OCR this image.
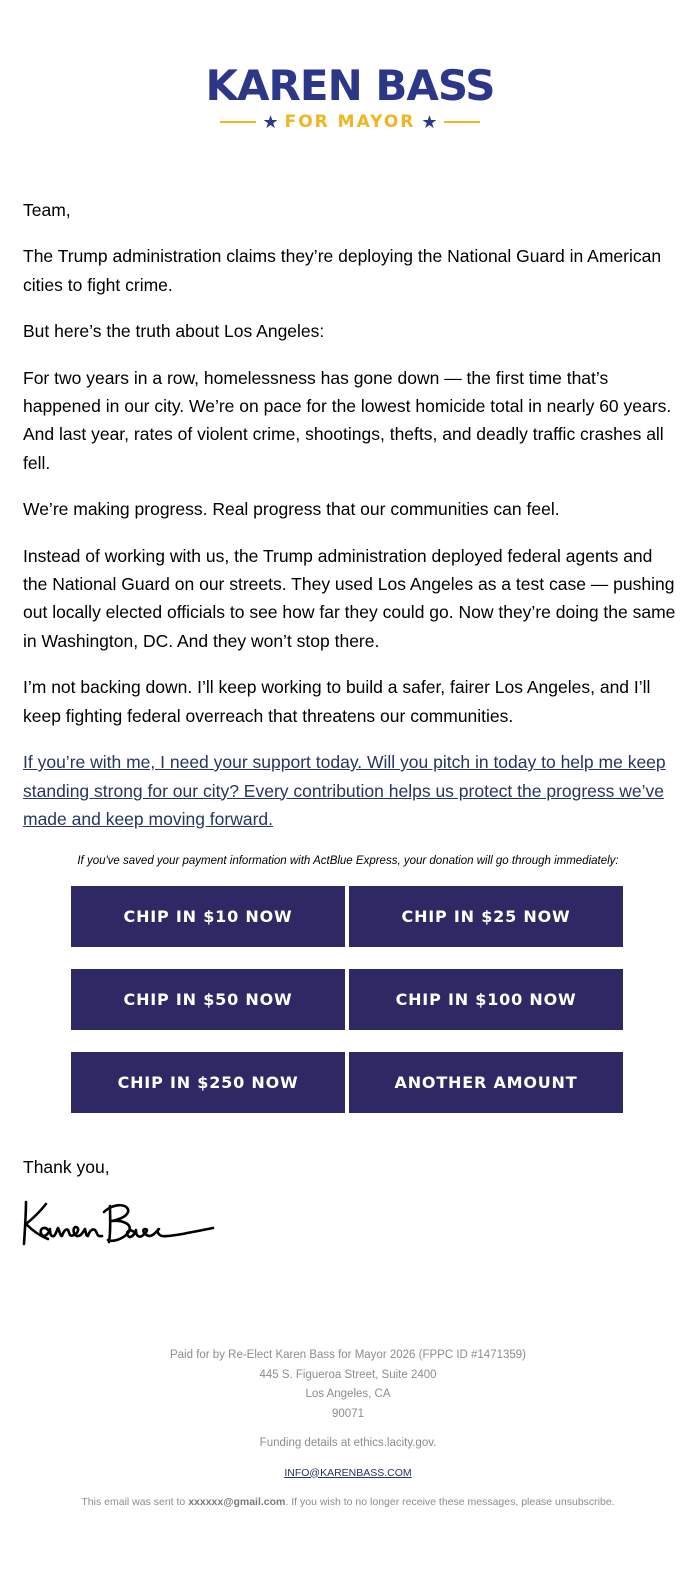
KAREN BASS
★ FOR MAYOR ★

Team,

The Trump administration claims they’re deploying the National Guard in American cities to fight crime.

But here’s the truth about Los Angeles:

For two years in a row, homelessness has gone down — the first time that’s happened in our city. We’re on pace for the lowest homicide total in nearly 60 years. And last year, rates of violent crime, shootings, thefts, and deadly traffic crashes all fell.

We’re making progress. Real progress that our communities can feel.

Instead of working with us, the Trump administration deployed federal agents and the National Guard on our streets. They used Los Angeles as a test case — pushing out locally elected officials to see how far they could go. Now they’re doing the same in Washington, DC. And they won’t stop there.

I’m not backing down. I’ll keep working to build a safer, fairer Los Angeles, and I’ll keep fighting federal overreach that threatens our communities.

If you’re with me, I need your support today. Will you pitch in today to help me keep standing strong for our city? Every contribution helps us protect the progress we’ve made and keep moving forward.

If you've saved your payment information with ActBlue Express, your donation will go through immediately:
CHIP IN $10 NOW	CHIP IN $25 NOW
CHIP IN $50 NOW	CHIP IN $100 NOW
CHIP IN $250 NOW	ANOTHER AMOUNT
Thank you,
Paid for by Re-Elect Karen Bass for Mayor 2026 (FPPC ID #1471359)
445 S. Figueroa Street, Suite 2400
Los Angeles, CA
90071
Funding details at ethics.lacity.gov.
INFO@KARENBASS.COM
This email was sent to xxxxxx@gmail.com. If you wish to no longer receive these messages, please unsubscribe.
